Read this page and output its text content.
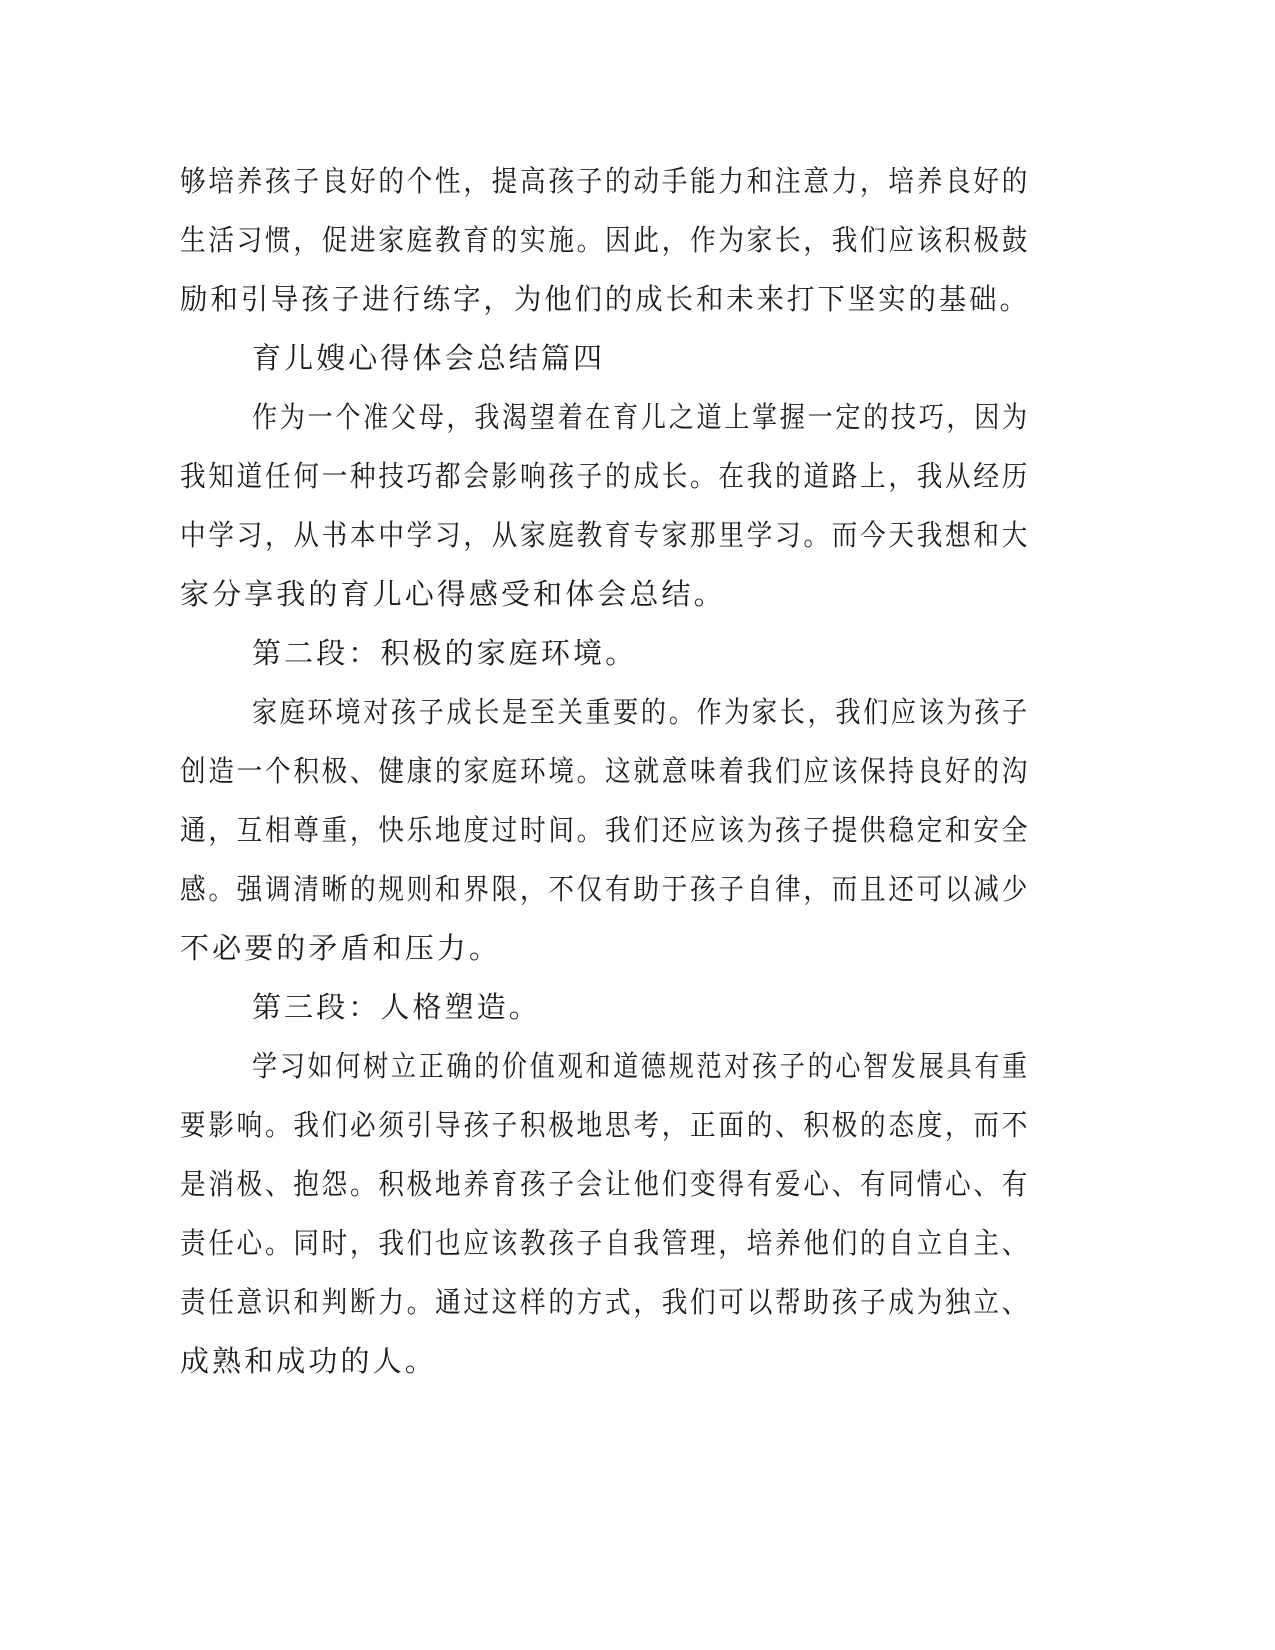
够培养孩子良好的个性，提高孩子的动手能力和注意力，培养良好的
生活习惯，促进家庭教育的实施。因此，作为家长，我们应该积极鼓
励和引导孩子进行练字，为他们的成长和未来打下坚实的基础。
育儿嫂心得体会总结篇四
作为一个准父母，我渴望着在育儿之道上掌握一定的技巧，因为
我知道任何一种技巧都会影响孩子的成长。在我的道路上，我从经历
中学习，从书本中学习，从家庭教育专家那里学习。而今天我想和大
家分享我的育儿心得感受和体会总结。
第二段：积极的家庭环境。
家庭环境对孩子成长是至关重要的。作为家长，我们应该为孩子
创造一个积极、健康的家庭环境。这就意味着我们应该保持良好的沟
通，互相尊重，快乐地度过时间。我们还应该为孩子提供稳定和安全
感。强调清晰的规则和界限，不仅有助于孩子自律，而且还可以减少
不必要的矛盾和压力。
第三段：人格塑造。
学习如何树立正确的价值观和道德规范对孩子的心智发展具有重
要影响。我们必须引导孩子积极地思考，正面的、积极的态度，而不
是消极、抱怨。积极地养育孩子会让他们变得有爱心、有同情心、有
责任心。同时，我们也应该教孩子自我管理，培养他们的自立自主、
责任意识和判断力。通过这样的方式，我们可以帮助孩子成为独立、
成熟和成功的人。
